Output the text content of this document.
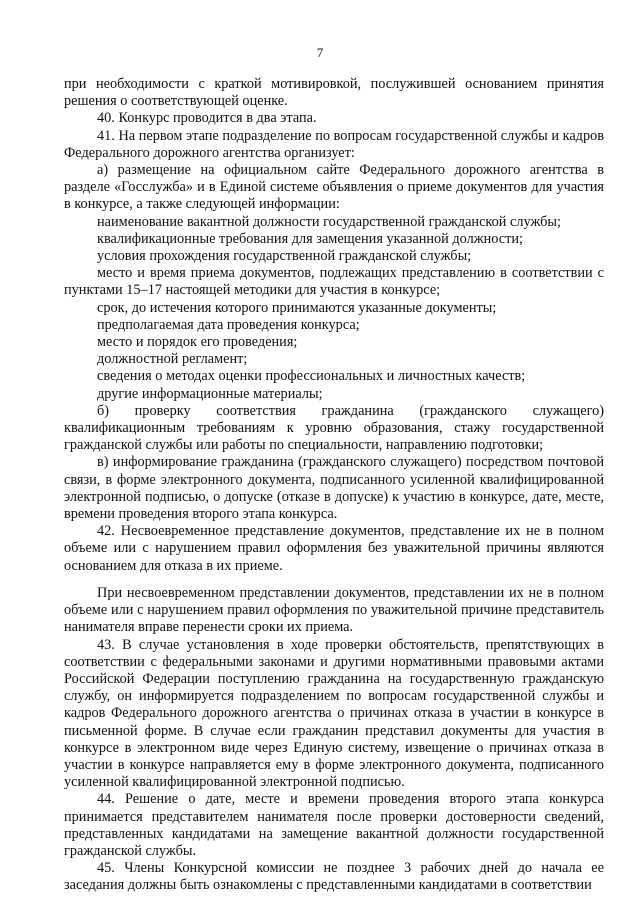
7

при необходимости с краткой мотивировкой, послужившей основанием принятия решения о соответствующей оценке.

40. Конкурс проводится в два этапа.

41. На первом этапе подразделение по вопросам государственной службы и кадров Федерального дорожного агентства организует:

а) размещение на официальном сайте Федерального дорожного агентства в разделе «Госслужба» и в Единой системе объявления о приеме документов для участия в конкурсе, а также следующей информации:

наименование вакантной должности государственной гражданской службы;

квалификационные требования для замещения указанной должности;

условия прохождения государственной гражданской службы;

место и время приема документов, подлежащих представлению в соответствии с пунктами 15–17 настоящей методики для участия в конкурсе;

срок, до истечения которого принимаются указанные документы;

предполагаемая дата проведения конкурса;

место и порядок его проведения;

должностной регламент;

сведения о методах оценки профессиональных и личностных качеств;

другие информационные материалы;

б) проверку соответствия гражданина (гражданского служащего) квалификационным требованиям к уровню образования, стажу государственной гражданской службы или работы по специальности, направлению подготовки;

в) информирование гражданина (гражданского служащего) посредством почтовой связи, в форме электронного документа, подписанного усиленной квалифицированной электронной подписью, о допуске (отказе в допуске) к участию в конкурсе, дате, месте, времени проведения второго этапа конкурса.

42. Несвоевременное представление документов, представление их не в полном объеме или с нарушением правил оформления без уважительной причины являются основанием для отказа в их приеме.

При несвоевременном представлении документов, представлении их не в полном объеме или с нарушением правил оформления по уважительной причине представитель нанимателя вправе перенести сроки их приема.

43. В случае установления в ходе проверки обстоятельств, препятствующих в соответствии с федеральными законами и другими нормативными правовыми актами Российской Федерации поступлению гражданина на государственную гражданскую службу, он информируется подразделением по вопросам государственной службы и кадров Федерального дорожного агентства о причинах отказа в участии в конкурсе в письменной форме. В случае если гражданин представил документы для участия в конкурсе в электронном виде через Единую систему, извещение о причинах отказа в участии в конкурсе направляется ему в форме электронного документа, подписанного усиленной квалифицированной электронной подписью.

44. Решение о дате, месте и времени проведения второго этапа конкурса принимается представителем нанимателя после проверки достоверности сведений, представленных кандидатами на замещение вакантной должности государственной гражданской службы.

45. Члены Конкурсной комиссии не позднее 3 рабочих дней до начала ее заседания должны быть ознакомлены с представленными кандидатами в соответствии
